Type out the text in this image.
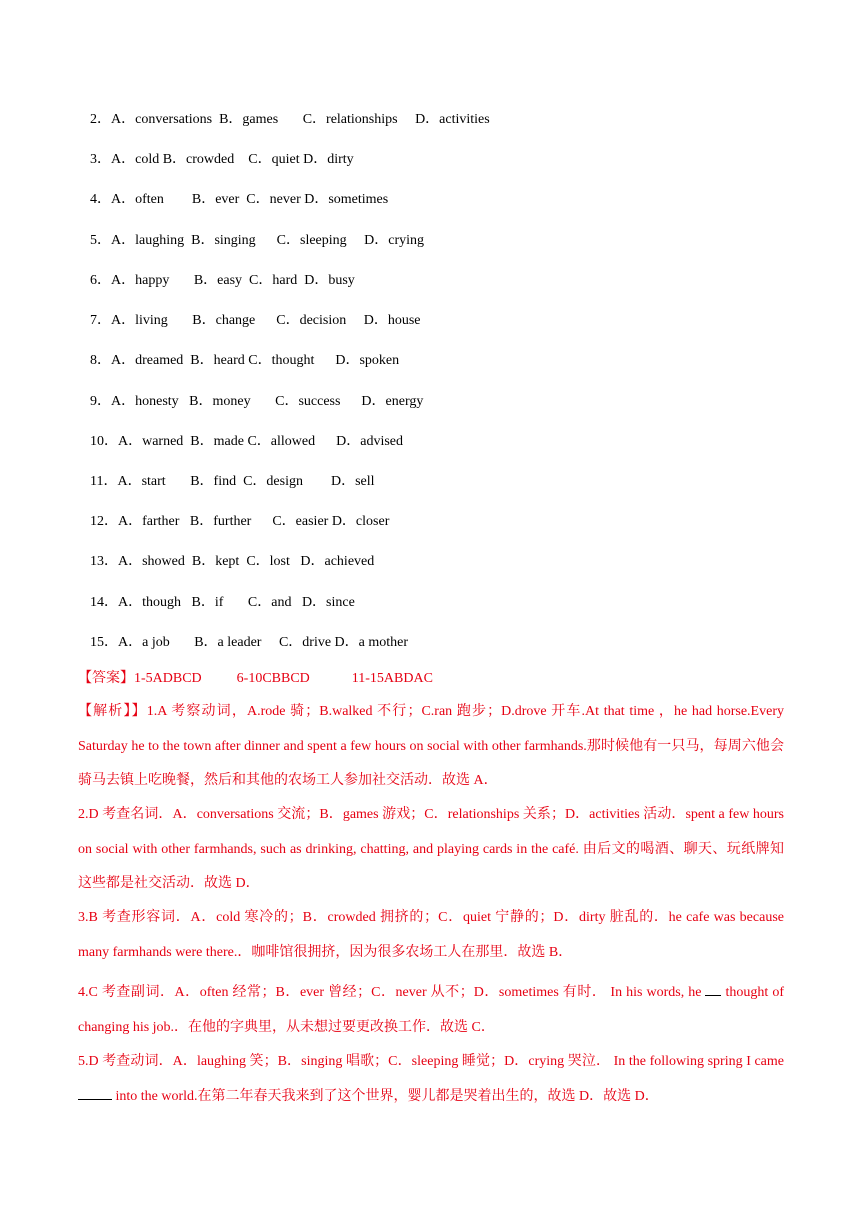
2．A．conversations  B．games       C．relationships     D．activities
3．A．cold B．crowded    C．quiet D．dirty
4．A．often        B．ever  C．never D．sometimes
5．A．laughing  B．singing      C．sleeping     D．crying
6．A．happy       B．easy  C．hard  D．busy
7．A．living       B．change      C．decision     D．house
8．A．dreamed  B．heard C．thought      D．spoken
9．A．honesty   B．money       C．success      D．energy
10．A．warned  B．made C．allowed      D．advised
11．A．start       B．find  C．design        D．sell
12．A．farther   B．further      C．easier D．closer
13．A．showed  B．kept  C．lost   D．achieved
14．A．though   B．if       C．and   D．since
15．A．a job       B．a leader     C．drive D．a mother
【答案】1-5ADBCD          6-10CBBCD            11-15ABDAC
【解析】】1.A 考察动词，A.rode 骑；B.walked 不行；C.ran 跑步；D.drove 开车.At that time ，he had horse.Every Saturday he to the town after dinner and spent a few hours on social with other farmhands.那时候他有一只马，每周六他会骑马去镇上吃晚餐，然后和其他的农场工人参加社交活动．故选 A．
2.D 考查名词．A．conversations 交流；B．games 游戏；C．relationships 关系；D．activities 活动．spent a few hours on social with other farmhands, such as drinking, chatting, and playing cards in the café. 由后文的喝酒、聊天、玩纸牌知这些都是社交活动．故选 D．
3.B 考查形容词．A．cold 寒冷的；B．crowded 拥挤的；C．quiet 宁静的；D．dirty 脏乱的．he cafe was because many farmhands were there.．咖啡馆很拥挤，因为很多农场工人在那里．故选 B．
4.C 考查副词．A．often 经常；B．ever 曾经；C．never 从不；D．sometimes 有时． In his words, he  thought of changing his job.．在他的字典里，从未想过要更改换工作．故选 C．
5.D 考查动词．A．laughing 笑；B．singing 唱歌；C．sleeping 睡觉；D．crying 哭泣． In the following spring I came  into the world.在第二年春天我来到了这个世界，婴儿都是哭着出生的，故选 D．故选 D．
